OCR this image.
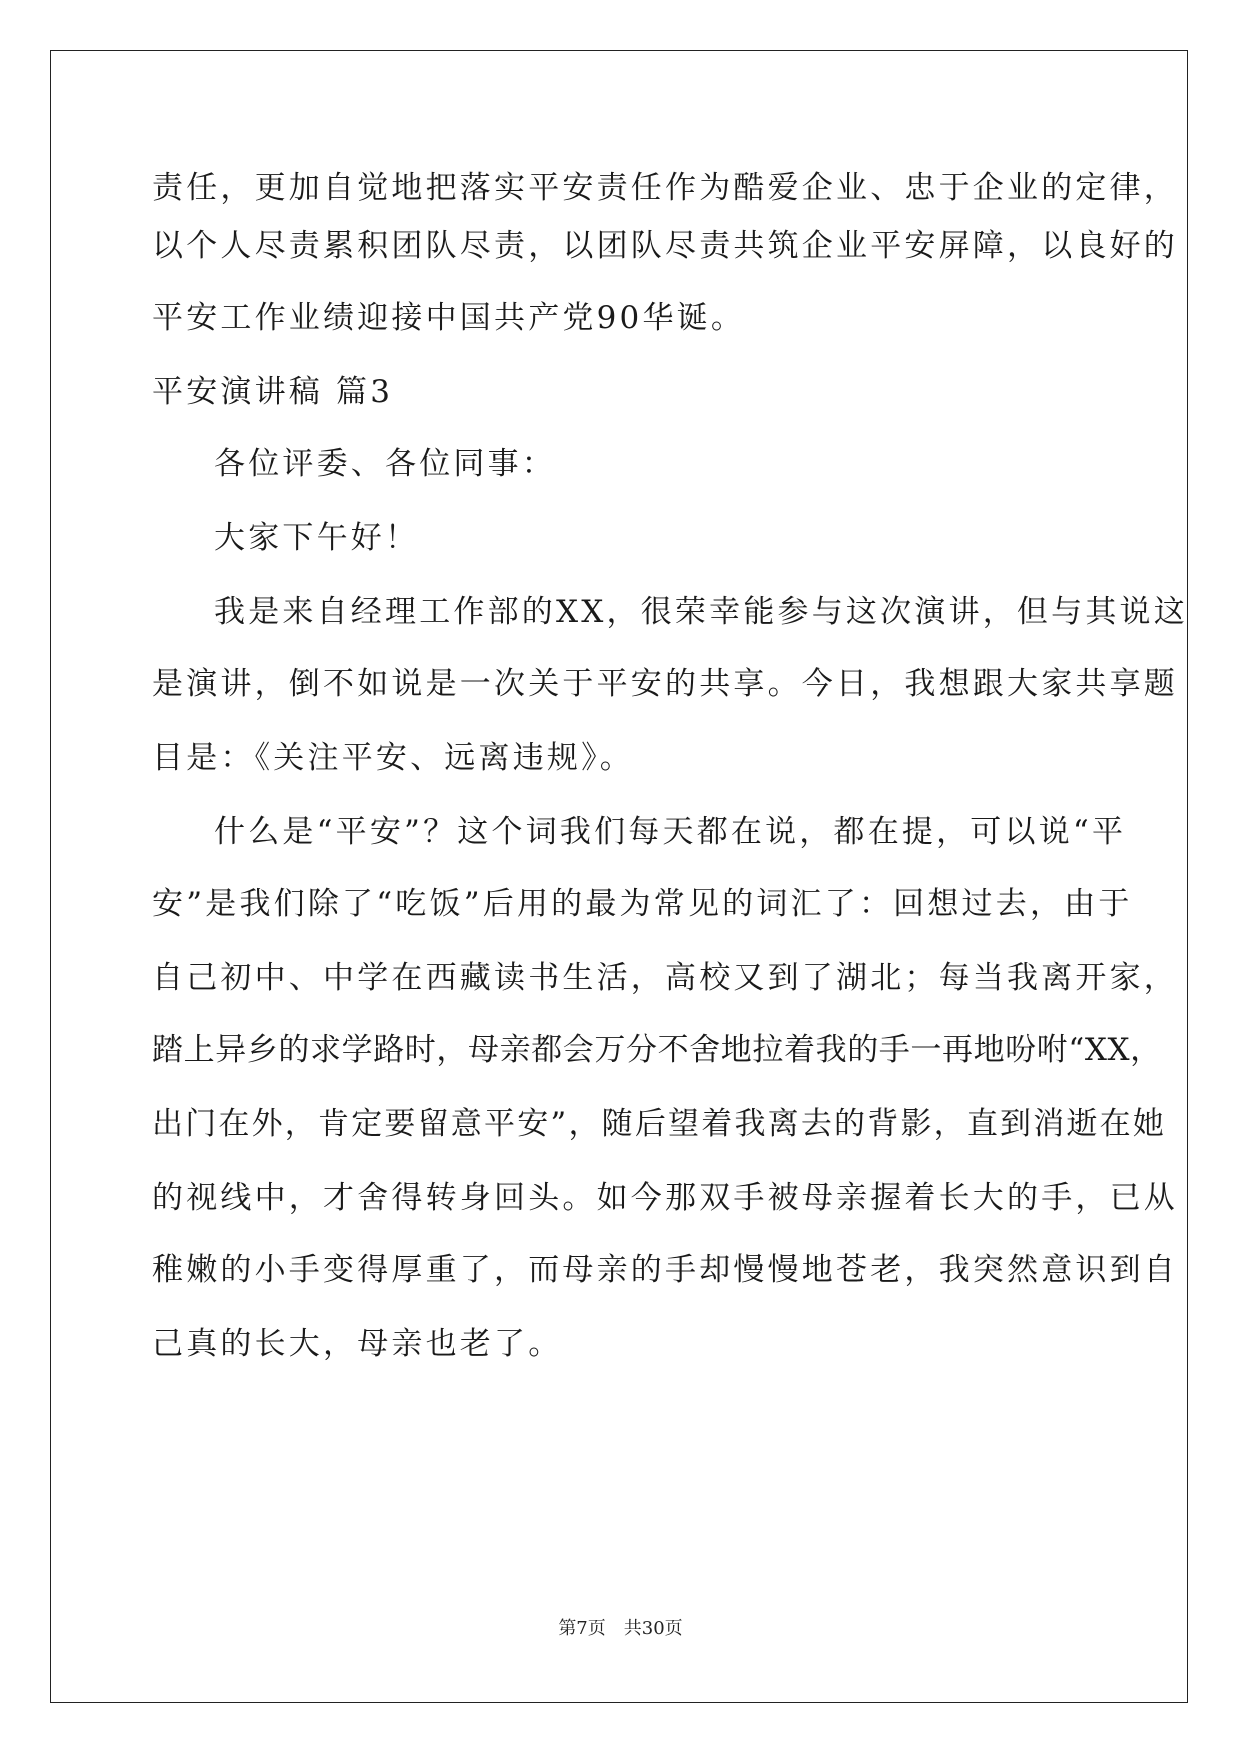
责任，更加自觉地把落实平安责任作为酷爱企业、忠于企业的定律，
以个人尽责累积团队尽责，以团队尽责共筑企业平安屏障，以良好的
平安工作业绩迎接中国共产党90华诞。
平安演讲稿 篇3
各位评委、各位同事：
大家下午好！
我是来自经理工作部的XX，很荣幸能参与这次演讲，但与其说这
是演讲，倒不如说是一次关于平安的共享。今日，我想跟大家共享题
目是：《关注平安、远离违规》。
什么是“平安”？这个词我们每天都在说，都在提，可以说“平
安”是我们除了“吃饭”后用的最为常见的词汇了：回想过去，由于
自己初中、中学在西藏读书生活，高校又到了湖北；每当我离开家，
踏上异乡的求学路时，母亲都会万分不舍地拉着我的手一再地吩咐“XX，
出门在外，肯定要留意平安”，随后望着我离去的背影，直到消逝在她
的视线中，才舍得转身回头。如今那双手被母亲握着长大的手，已从
稚嫩的小手变得厚重了，而母亲的手却慢慢地苍老，我突然意识到自
己真的长大，母亲也老了。
第7页　共30页
